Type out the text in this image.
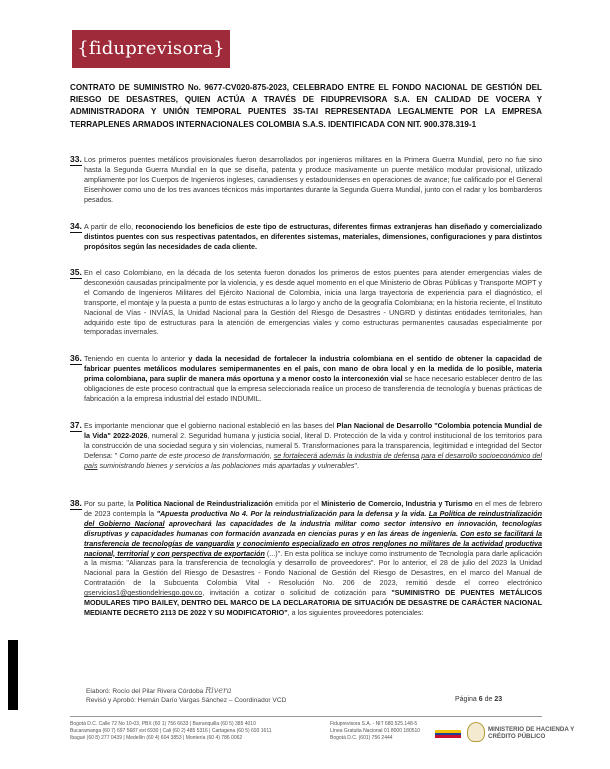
{fiduprevisora}

CONTRATO DE SUMINISTRO No. 9677-CV020-875-2023, CELEBRADO ENTRE EL FONDO NACIONAL DE GESTIÓN DEL RIESGO DE DESASTRES, QUIEN ACTÚA A TRAVÉS DE FIDUPREVISORA S.A. EN CALIDAD DE VOCERA Y ADMINISTRADORA Y UNIÓN TEMPORAL PUENTES 3S-TAI REPRESENTADA LEGALMENTE POR LA EMPRESA TERRAPLENES ARMADOS INTERNACIONALES COLOMBIA S.A.S. IDENTIFICADA CON NIT. 900.378.319-1

33. Los primeros puentes metálicos provisionales fueron desarrollados por ingenieros militares en la Primera Guerra Mundial, pero no fue sino hasta la Segunda Guerra Mundial en la que se diseña, patenta y produce masivamente un puente metálico modular provisional, utilizado ampliamente por los Cuerpos de Ingenieros ingleses, canadienses y estadounidenses en operaciones de avance; fue calificado por el General Eisenhower como uno de los tres avances técnicos más importantes durante la Segunda Guerra Mundial, junto con el radar y los bombarderos pesados.
34. A partir de ello, reconociendo los beneficios de este tipo de estructuras, diferentes firmas extranjeras han diseñado y comercializado distintos puentes con sus respectivas patentados, en diferentes sistemas, materiales, dimensiones, configuraciones y para distintos propósitos según las necesidades de cada cliente.
35. En el caso Colombiano, en la década de los setenta fueron donados los primeros de estos puentes para atender emergencias viales de desconexión causadas principalmente por la violencia, y es desde aquel momento en el que Ministerio de Obras Públicas y Transporte MOPT y el Comando de Ingenieros Militares del Ejército Nacional de Colombia, inicia una larga trayectoria de experiencia para el diagnóstico, el transporte, el montaje y la puesta a punto de estas estructuras a lo largo y ancho de la geografía Colombiana; en la historia reciente, el Instituto Nacional de Vías - INVÍAS, la Unidad Nacional para la Gestión del Riesgo de Desastres - UNGRD y distintas entidades territoriales, han adquirido este tipo de estructuras para la atención de emergencias viales y como estructuras permanentes causadas especialmente por temporadas invernales.
36. Teniendo en cuenta lo anterior y dada la necesidad de fortalecer la industria colombiana en el sentido de obtener la capacidad de fabricar puentes metálicos modulares semipermanentes en el país, con mano de obra local y en la medida de lo posible, materia prima colombiana, para suplir de manera más oportuna y a menor costo la interconexión vial se hace necesario establecer dentro de las obligaciones de este proceso contractual que la empresa seleccionada realice un proceso de transferencia de tecnología y buenas prácticas de fabricación a la empresa industrial del estado INDUMIL.
37. Es importante mencionar que el gobierno nacional estableció en las bases del Plan Nacional de Desarrollo "Colombia potencia Mundial de la Vida" 2022-2026, numeral 2. Seguridad humana y justicia social, literal D. Protección de la vida y control institucional de los territorios para la construcción de una sociedad segura y sin violencias, numeral 5. Transformaciones para la transparencia, legitimidad e integridad del Sector Defensa: " Como parte de este proceso de transformación, se fortalecerá además la industria de defensa para el desarrollo socioeconómico del país suministrando bienes y servicios a las poblaciones más apartadas y vulnerables".
38. Por su parte, la Política Nacional de Reindustrialización emitida por el Ministerio de Comercio, Industria y Turismo en el mes de febrero de 2023 contempla la "Apuesta productiva No 4. Por la reindustrialización para la defensa y la vida. La Política de reindustrialización del Gobierno Nacional aprovechará las capacidades de la industria militar como sector intensivo en innovación, tecnologías disruptivas y capacidades humanas con formación avanzada en ciencias puras y en las áreas de ingeniería. Con esto se facilitará la transferencia de tecnologías de vanguardia y conocimiento especializado en otros renglones no militares de la actividad productiva nacional, territorial y con perspectiva de exportación (...)". En esta política se incluye como instrumento de Tecnología para darle aplicación a la misma: "Alianzas para la transferencia de tecnología y desarrollo de proveedores". Por lo anterior, el 28 de julio del 2023 la Unidad Nacional para la Gestión del Riesgo de Desastres - Fondo Nacional de Gestión del Riesgo de Desastres, en el marco del Manual de Contratación de la Subcuenta Colombia Vital - Resolución No. 206 de 2023, remitió desde el correo electrónico gservicios1@gestiondelriesgo.gov.co, invitación a cotizar o solicitud de cotización para "SUMINISTRO DE PUENTES METÁLICOS MODULARES TIPO BAILEY, DENTRO DEL MARCO DE LA DECLARATORIA DE SITUACIÓN DE DESASTRE DE CARÁCTER NACIONAL MEDIANTE DECRETO 2113 DE 2022 Y SU MODIFICATORIO", a los siguientes proveedores potenciales:
Elaboró: Rocío del Pilar Rivera Córdoba Rivera
Revisó y Aprobó: Hernán Darío Vargas Sánchez – Coordinador VCD	Página 6 de 23
Bogotá D.C. Calle 72 No 10-03, PBX (60 1) 756 6633 | Barranquilla (60 5) 385 4010
Bucaramanga (60 7) 697 5687 ext 6930 | Cali (60 2) 485 5316 | Cartagena (60 5) 693 1611
Ibagué (60 8) 277 0439 | Medellín (60 4) 604 3853 | Montería (60 4) 786 0062
Fiduprevisora S.A. - NIT 680.525.148-5
Línea Gratuita Nacional 01 8000 180510
Bogotá D.C. (601) 756 2444
MINISTERIO DE HACIENDA Y
CRÉDITO PÚBLICO
